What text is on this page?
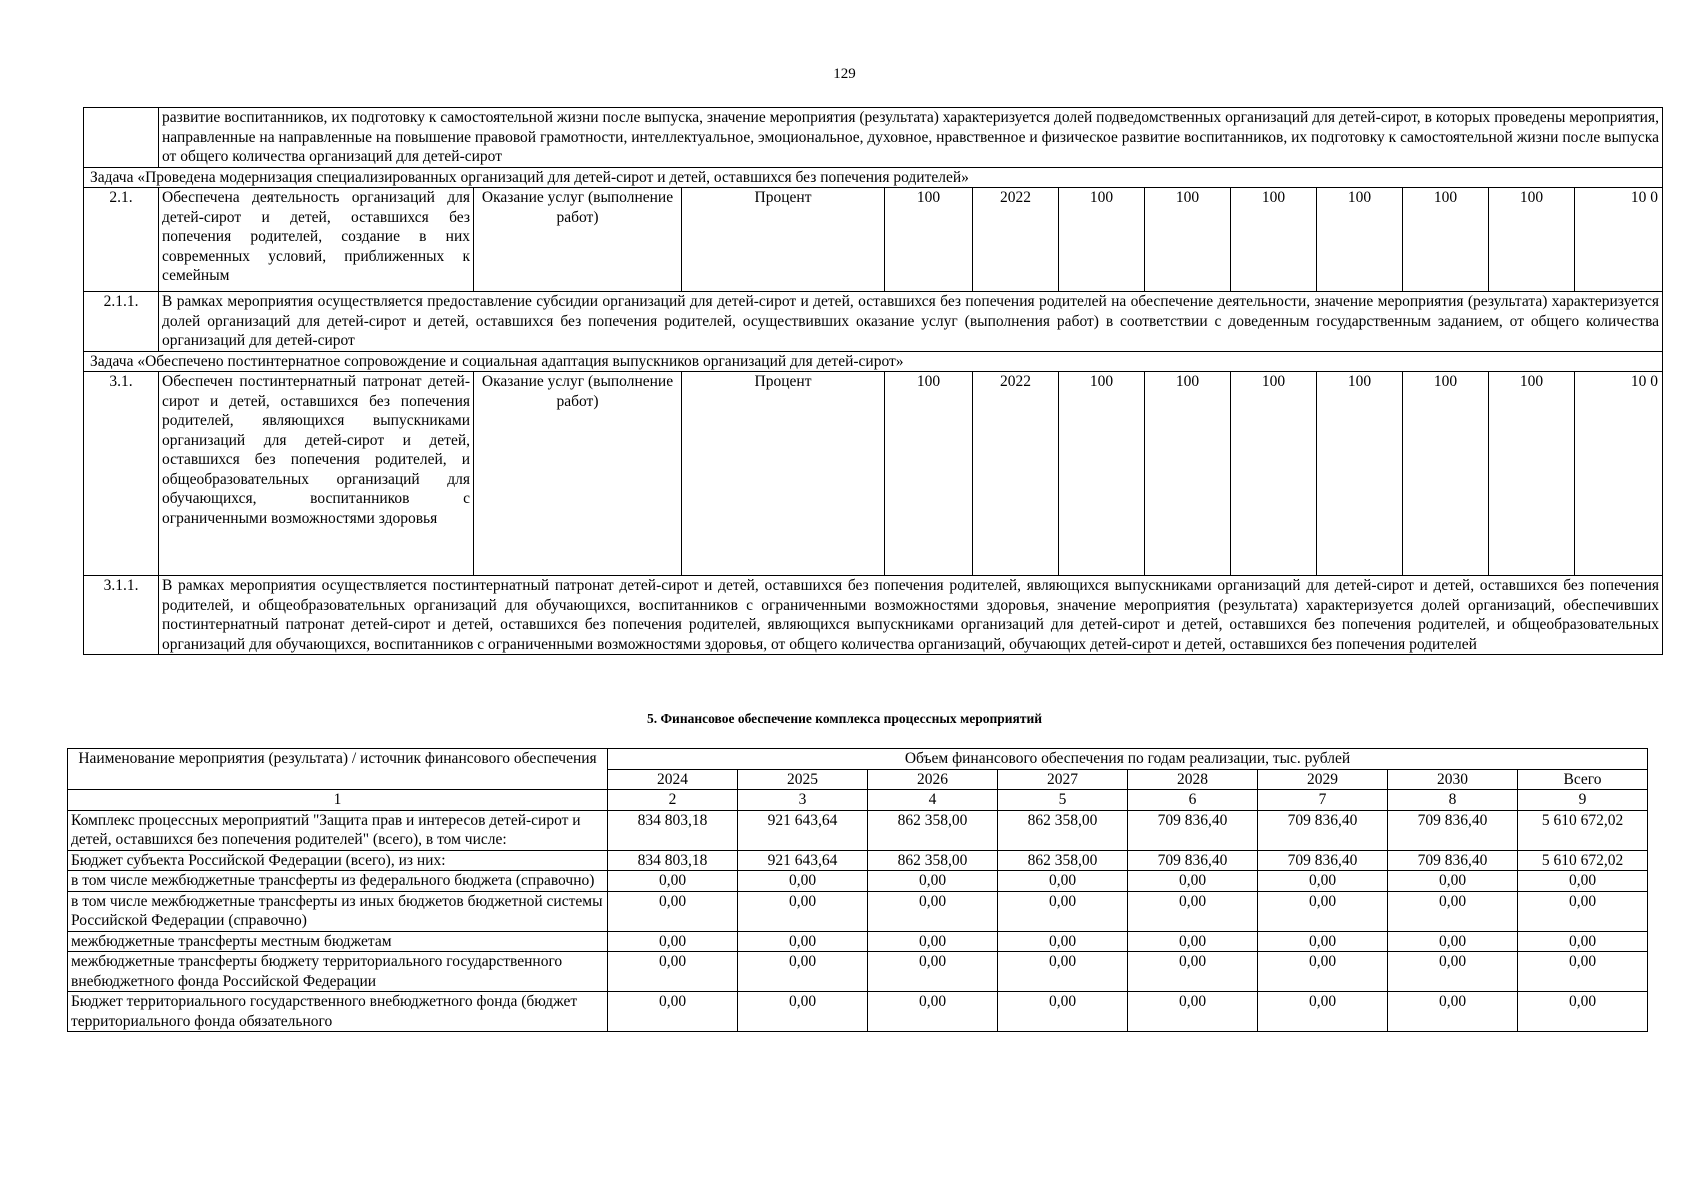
129
	развитие воспитанников, их подготовку к самостоятельной жизни после выпуска, значение мероприятия (результата) характеризуется долей подведомственных организаций для детей-сирот, в которых проведены мероприятия, направленные на направленные на повышение правовой грамотности, интеллектуальное, эмоциональное, духовное, нравственное и физическое развитие воспитанников, их подготовку к самостоятельной жизни после выпуска от общего количества организаций для детей-сирот											
Задача «Проведена модернизация специализированных организаций для детей-сирот и детей, оставшихся без попечения родителей»												
2.1.	Обеспечена деятельность организаций для детей-сирот и детей, оставшихся без попечения родителей, создание в них современных условий, приближенных к семейным	Оказание услуг (выполнение работ)	Процент	100	2022	100	100	100	100	100	100	10 0
2.1.1.	В рамках мероприятия осуществляется предоставление субсидии организаций для детей-сирот и детей, оставшихся без попечения родителей на обеспечение деятельности, значение мероприятия (результата) характеризуется долей организаций для детей-сирот и детей, оставшихся без попечения родителей, осуществивших оказание услуг (выполнения работ) в соответствии с доведенным государственным заданием, от общего количества организаций для детей-сирот											
Задача «Обеспечено постинтернатное сопровождение и социальная адаптация выпускников организаций для детей-сирот»												
3.1.	Обеспечен постинтернатный патронат детей-сирот и детей, оставшихся без попечения родителей, являющихся выпускниками организаций для детей-сирот и детей, оставшихся без попечения родителей, и общеобразовательных организаций для обучающихся, воспитанников с ограниченными возможностями здоровья	Оказание услуг (выполнение работ)	Процент	100	2022	100	100	100	100	100	100	10 0
3.1.1.	В рамках мероприятия осуществляется постинтернатный патронат детей-сирот и детей, оставшихся без попечения родителей, являющихся выпускниками организаций для детей-сирот и детей, оставшихся без попечения родителей, и общеобразовательных организаций для обучающихся, воспитанников с ограниченными возможностями здоровья, значение мероприятия (результата) характеризуется долей организаций, обеспечивших постинтернатный патронат детей-сирот и детей, оставшихся без попечения родителей, являющихся выпускниками организаций для детей-сирот и детей, оставшихся без попечения родителей, и общеобразовательных организаций для обучающихся, воспитанников с ограниченными возможностями здоровья, от общего количества организаций, обучающих детей-сирот и детей, оставшихся без попечения родителей											
5. Финансовое обеспечение комплекса процессных мероприятий
Наименование мероприятия (результата) / источник финансового обеспечения	Объем финансового обеспечения по годам реализации, тыс. рублей							
	2024	2025	2026	2027	2028	2029	2030	Всего
1	2	3	4	5	6	7	8	9
Комплекс процессных мероприятий "Защита прав и интересов детей-сирот и детей, оставшихся без попечения родителей" (всего), в том числе:	834 803,18	921 643,64	862 358,00	862 358,00	709 836,40	709 836,40	709 836,40	5 610 672,02
Бюджет субъекта Российской Федерации (всего), из них:	834 803,18	921 643,64	862 358,00	862 358,00	709 836,40	709 836,40	709 836,40	5 610 672,02
в том числе межбюджетные трансферты из федерального бюджета (справочно)	0,00	0,00	0,00	0,00	0,00	0,00	0,00	0,00
в том числе межбюджетные трансферты из иных бюджетов бюджетной системы Российской Федерации (справочно)	0,00	0,00	0,00	0,00	0,00	0,00	0,00	0,00
межбюджетные трансферты местным бюджетам	0,00	0,00	0,00	0,00	0,00	0,00	0,00	0,00
межбюджетные трансферты бюджету территориального государственного внебюджетного фонда Российской Федерации	0,00	0,00	0,00	0,00	0,00	0,00	0,00	0,00
Бюджет территориального государственного внебюджетного фонда (бюджет территориального фонда обязательного	0,00	0,00	0,00	0,00	0,00	0,00	0,00	0,00
